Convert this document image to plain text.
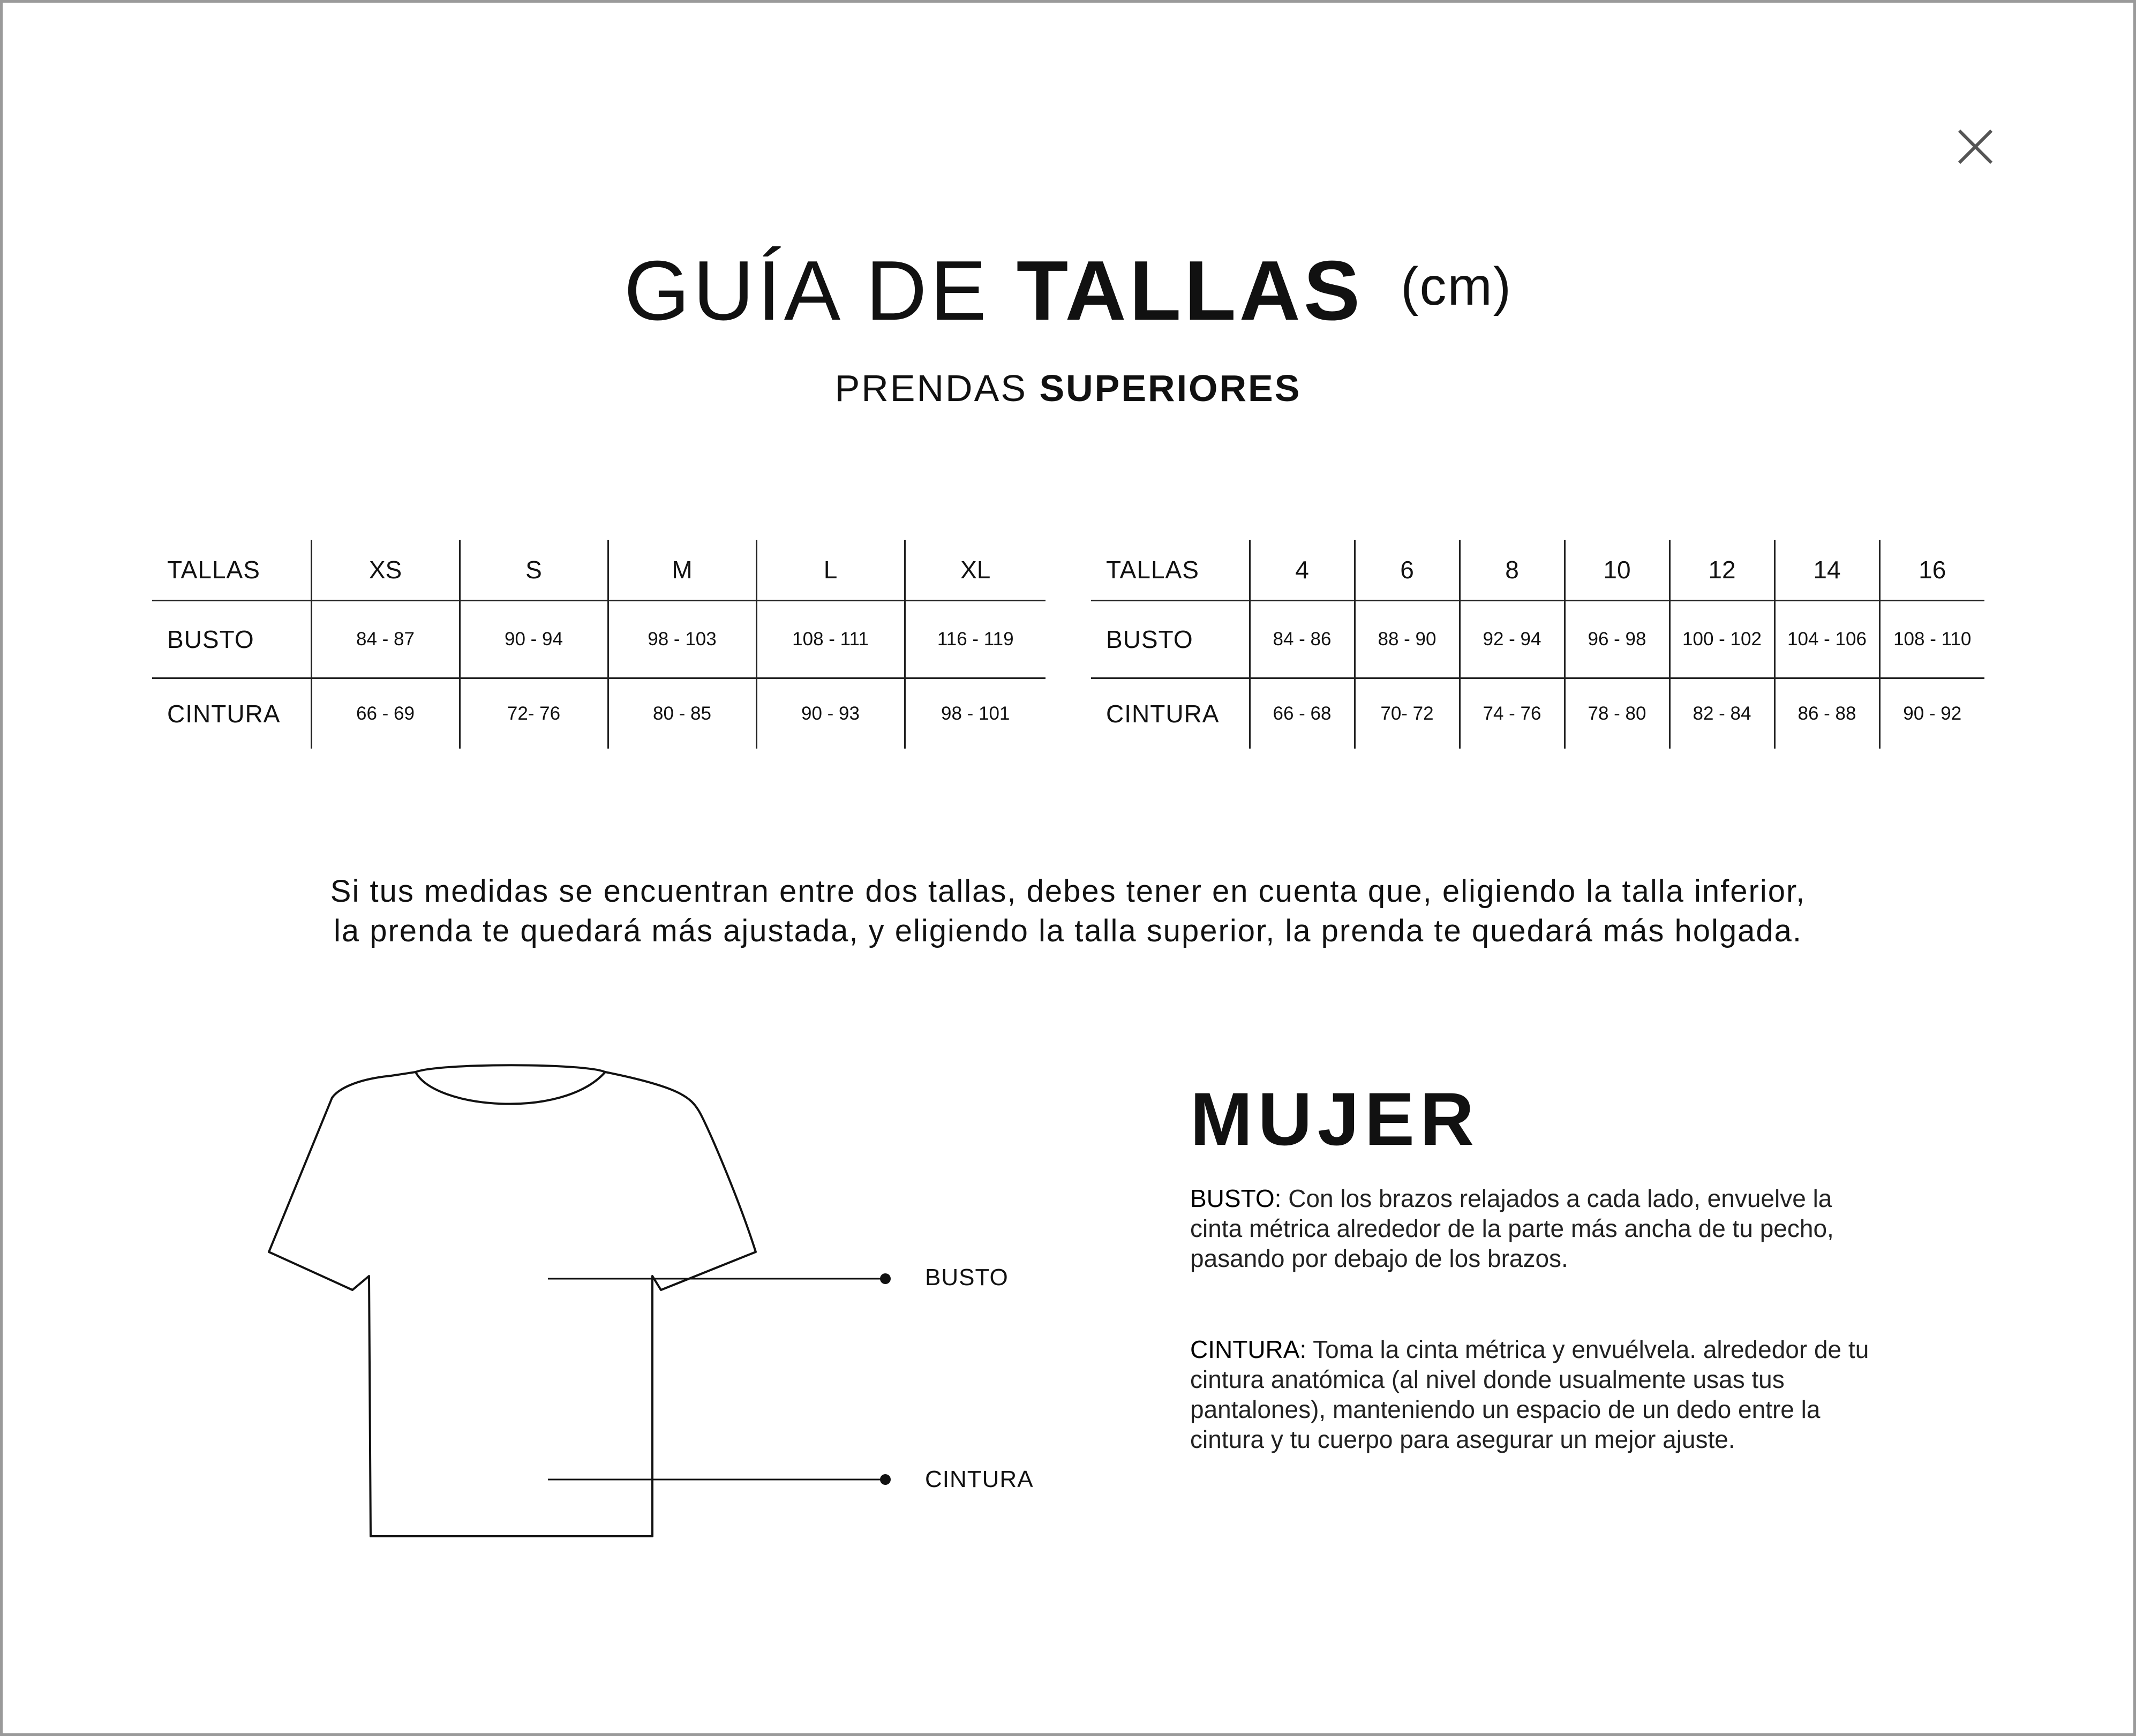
GUÍA DE TALLAS (cm)
PRENDAS SUPERIORES
TALLAS	XS	S	M	L	XL
BUSTO	84 - 87	90 - 94	98 - 103	108 - 111	116 - 119
CINTURA	66 - 69	72- 76	80 - 85	90 - 93	98 - 101
TALLAS	4	6	8	10	12	14	16
BUSTO	84 - 86	88 - 90	92 - 94	96 - 98	100 - 102	104 - 106	108 - 110
CINTURA	66 - 68	70- 72	74 - 76	78 - 80	82 - 84	86 - 88	90 - 92
Si tus medidas se encuentran entre dos tallas, debes tener en cuenta que, eligiendo la talla inferior,
la prenda te quedará más ajustada, y eligiendo la talla superior, la prenda te quedará más holgada.
BUSTO
CINTURA
MUJER
BUSTO: Con los brazos relajados a cada lado, envuelve la cinta métrica alrededor de la parte más ancha de tu pecho, pasando por debajo de los brazos.
CINTURA: Toma la cinta métrica y envuélvela. alrededor de tu cintura anatómica (al nivel donde usualmente usas tus pantalones), manteniendo un espacio de un dedo entre la cintura y tu cuerpo para asegurar un mejor ajuste.
